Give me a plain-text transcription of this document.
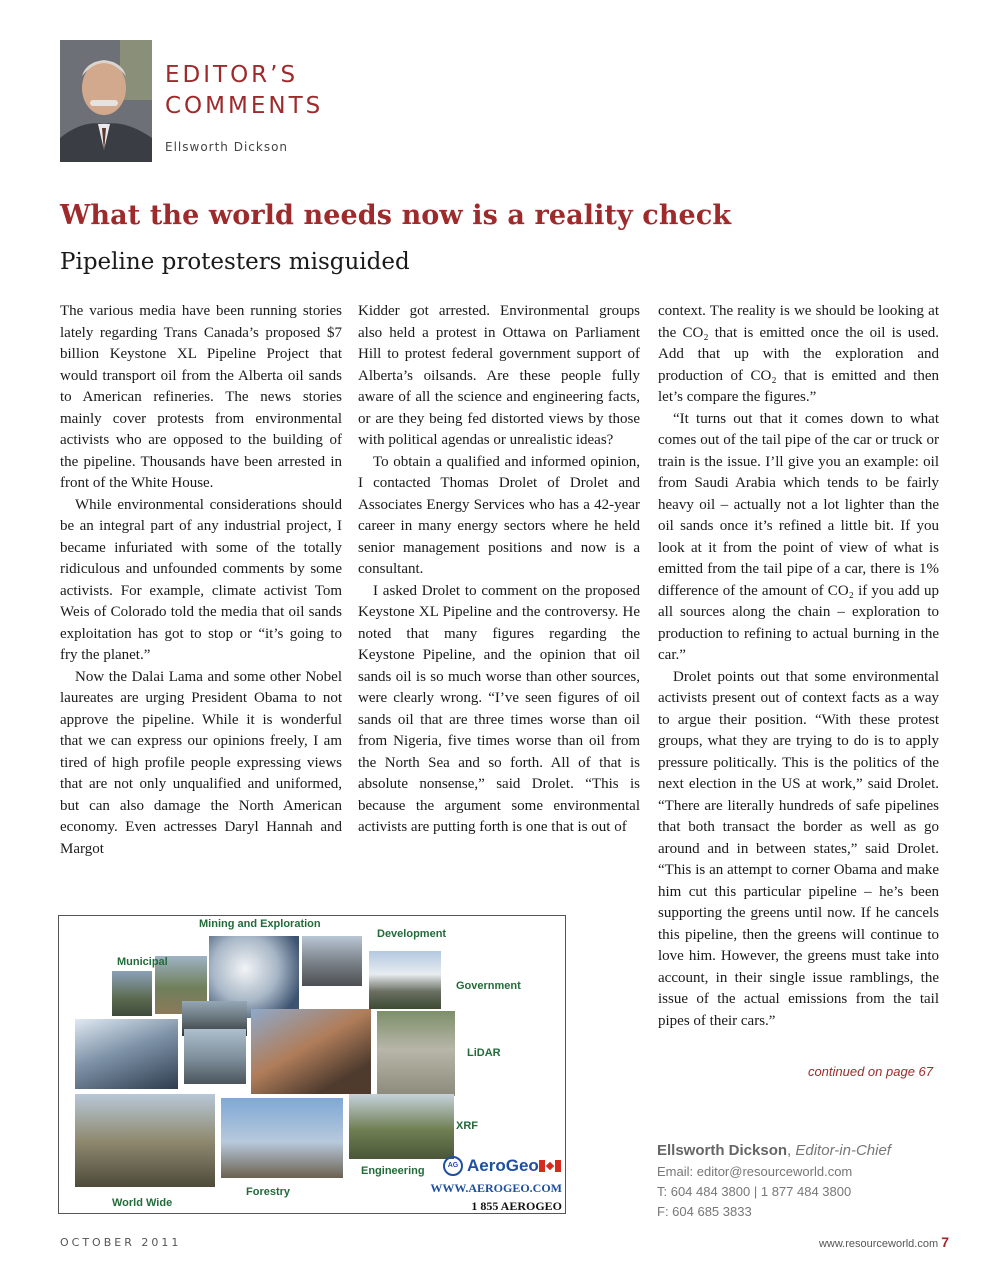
EDITOR’S
COMMENTS
Ellsworth Dickson
What the world needs now is a reality check
Pipeline protesters misguided

The various media have been running stories lately regarding Trans Canada’s proposed $7 billion Keystone XL Pipeline Project that would transport oil from the Alberta oil sands to American refineries. The news stories mainly cover protests from environmental activists who are opposed to the building of the pipeline. Thousands have been arrested in front of the White House.

While environmental considerations should be an integral part of any industrial project, I became infuriated with some of the totally ridiculous and unfounded comments by some activists. For example, climate activist Tom Weis of Colorado told the media that oil sands exploitation has got to stop or “it’s going to fry the planet.”

Now the Dalai Lama and some other Nobel laureates are urging President Obama to not approve the pipeline. While it is wonderful that we can express our opinions freely, I am tired of high profile people expressing views that are not only unqualified and uniformed, but can also damage the North American economy. Even actresses Daryl Hannah and Margot

Kidder got arrested. Environmental groups also held a protest in Ottawa on Parliament Hill to protest federal government support of Alberta’s oilsands. Are these people fully aware of all the science and engineering facts, or are they being fed distorted views by those with political agendas or unrealistic ideas?

To obtain a qualified and informed opinion, I contacted Thomas Drolet of Drolet and Associates Energy Services who has a 42-year career in many energy sectors where he held senior management positions and now is a consultant.

I asked Drolet to comment on the proposed Keystone XL Pipeline and the controversy. He noted that many figures regarding the Keystone Pipeline, and the opinion that oil sands oil is so much worse than other sources, were clearly wrong. “I’ve seen figures of oil sands oil that are three times worse than oil from Nigeria, five times worse than oil from the North Sea and so forth. All of that is absolute nonsense,” said Drolet. “This is because the argument some environmental activists are putting forth is one that is out of

context. The reality is we should be looking at the CO₂ that is emitted once the oil is used. Add that up with the exploration and production of CO₂ that is emitted and then let’s compare the figures.”

“It turns out that it comes down to what comes out of the tail pipe of the car or truck or train is the issue. I’ll give you an example: oil from Saudi Arabia which tends to be fairly heavy oil – actually not a lot lighter than the oil sands once it’s refined a little bit. If you look at it from the point of view of what is emitted from the tail pipe of a car, there is 1% difference of the amount of CO₂ if you add up all sources along the chain – exploration to production to refining to actual burning in the car.”

Drolet points out that some environmental activists present out of context facts as a way to argue their position. “With these protest groups, what they are trying to do is to apply pressure politically. This is the politics of the next election in the US at work,” said Drolet. “There are literally hundreds of safe pipelines that both transact the border as well as go around and in between states,” said Drolet. “This is an attempt to corner Obama and make him cut this particular pipeline – he’s been supporting the greens until now. If he cancels this pipeline, then the greens will continue to love him. However, the greens must take into account, in their single issue ramblings, the issue of the actual emissions from the tail pipes of their cars.”

continued on page 67
Ellsworth Dickson, Editor-in-Chief
Email: editor@resourceworld.com
T: 604 484 3800 | 1 877 484 3800
F: 604 685 3833
Mining and Exploration
Development
Municipal
Government
LiDAR
XRF
Engineering
Forestry
World Wide
AG AeroGeo
WWW.AEROGEO.COM
1 855 AEROGEO
OCTOBER 2011	www.resourceworld.com 7
